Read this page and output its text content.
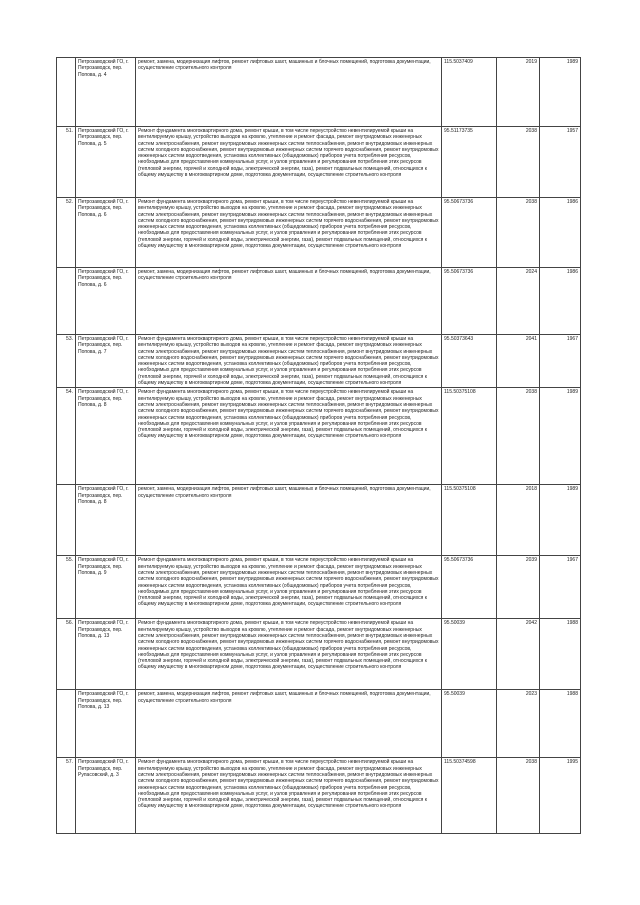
	Петрозаводский ГО, г. Петрозаводск, пер. Попова, д. 4	ремонт, замена, модернизация лифтов, ремонт лифтовых шахт, машинных и блочных помещений, подготовка документации, осуществление строительного контроля	115.5037409	2019	1989
51.	Петрозаводский ГО, г. Петрозаводск, пер. Попова, д. 5	Ремонт фундамента многоквартирного дома, ремонт крыши, в том числе переустройство невентилируемой крыши на вентилируемую крышу, устройство выходов на кровлю, утепление и ремонт фасада, ремонт внутридомовых инженерных систем электроснабжения, ремонт внутридомовых инженерных систем теплоснабжения, ремонт внутридомовых инженерных систем холодного водоснабжения, ремонт внутридомовых инженерных систем горячего водоснабжения, ремонт внутридомовых инженерных систем водоотведения, установка коллективных (общедомовых) приборов учета потребления ресурсов, необходимых для предоставления коммунальных услуг, и узлов управления и регулирования потребления этих ресурсов (тепловой энергии, горячей и холодной воды, электрической энергии, газа), ремонт подвальных помещений, относящихся к общему имуществу в многоквартирном доме, подготовка документации, осуществление строительного контроля	95.51173735	2038	1957
52.	Петрозаводский ГО, г. Петрозаводск, пер. Попова, д. 6	Ремонт фундамента многоквартирного дома, ремонт крыши, в том числе переустройство невентилируемой крыши на вентилируемую крышу, устройство выходов на кровлю, утепление и ремонт фасада, ремонт внутридомовых инженерных систем электроснабжения, ремонт внутридомовых инженерных систем теплоснабжения, ремонт внутридомовых инженерных систем холодного водоснабжения, ремонт внутридомовых инженерных систем горячего водоснабжения, ремонт внутридомовых инженерных систем водоотведения, установка коллективных (общедомовых) приборов учета потребления ресурсов, необходимых для предоставления коммунальных услуг, и узлов управления и регулирования потребления этих ресурсов (тепловой энергии, горячей и холодной воды, электрической энергии, газа), ремонт подвальных помещений, относящихся к общему имуществу в многоквартирном доме, подготовка документации, осуществление строительного контроля	95.50673736	2038	1986
	Петрозаводский ГО, г. Петрозаводск, пер. Попова, д. 6	ремонт, замена, модернизация лифтов, ремонт лифтовых шахт, машинных и блочных помещений, подготовка документации, осуществление строительного контроля	95.50673736	2024	1986
53.	Петрозаводский ГО, г. Петрозаводск, пер. Попова, д. 7	Ремонт фундамента многоквартирного дома, ремонт крыши, в том числе переустройство невентилируемой крыши на вентилируемую крышу, устройство выходов на кровлю, утепление и ремонт фасада, ремонт внутридомовых инженерных систем электроснабжения, ремонт внутридомовых инженерных систем теплоснабжения, ремонт внутридомовых инженерных систем холодного водоснабжения, ремонт внутридомовых инженерных систем горячего водоснабжения, ремонт внутридомовых инженерных систем водоотведения, установка коллективных (общедомовых) приборов учета потребления ресурсов, необходимых для предоставления коммунальных услуг, и узлов управления и регулирования потребления этих ресурсов (тепловой энергии, горячей и холодной воды, электрической энергии, газа), ремонт подвальных помещений, относящихся к общему имуществу в многоквартирном доме, подготовка документации, осуществление строительного контроля	95.50373643	2041	1967
54.	Петрозаводский ГО, г. Петрозаводск, пер. Попова, д. 8	Ремонт фундамента многоквартирного дома, ремонт крыши, в том числе переустройство невентилируемой крыши на вентилируемую крышу, устройство выходов на кровлю, утепление и ремонт фасада, ремонт внутридомовых инженерных систем электроснабжения, ремонт внутридомовых инженерных систем теплоснабжения, ремонт внутридомовых инженерных систем холодного водоснабжения, ремонт внутридомовых инженерных систем горячего водоснабжения, ремонт внутридомовых инженерных систем водоотведения, установка коллективных (общедомовых) приборов учета потребления ресурсов, необходимых для предоставления коммунальных услуг, и узлов управления и регулирования потребления этих ресурсов (тепловой энергии, горячей и холодной воды, электрической энергии, газа), ремонт подвальных помещений, относящихся к общему имуществу в многоквартирном доме, подготовка документации, осуществление строительного контроля	115.50375108	2038	1989
	Петрозаводский ГО, г. Петрозаводск, пер. Попова, д. 8	ремонт, замена, модернизация лифтов, ремонт лифтовых шахт, машинных и блочных помещений, подготовка документации, осуществление строительного контроля	115.50375108	2018	1989
55.	Петрозаводский ГО, г. Петрозаводск, пер. Попова, д. 9	Ремонт фундамента многоквартирного дома, ремонт крыши, в том числе переустройство невентилируемой крыши на вентилируемую крышу, устройство выходов на кровлю, утепление и ремонт фасада, ремонт внутридомовых инженерных систем электроснабжения, ремонт внутридомовых инженерных систем теплоснабжения, ремонт внутридомовых инженерных систем холодного водоснабжения, ремонт внутридомовых инженерных систем горячего водоснабжения, ремонт внутридомовых инженерных систем водоотведения, установка коллективных (общедомовых) приборов учета потребления ресурсов, необходимых для предоставления коммунальных услуг, и узлов управления и регулирования потребления этих ресурсов (тепловой энергии, горячей и холодной воды, электрической энергии, газа), ремонт подвальных помещений, относящихся к общему имуществу в многоквартирном доме, подготовка документации, осуществление строительного контроля	95.50673736	2039	1967
56.	Петрозаводский ГО, г. Петрозаводск, пер. Попова, д. 13	Ремонт фундамента многоквартирного дома, ремонт крыши, в том числе переустройство невентилируемой крыши на вентилируемую крышу, устройство выходов на кровлю, утепление и ремонт фасада, ремонт внутридомовых инженерных систем электроснабжения, ремонт внутридомовых инженерных систем теплоснабжения, ремонт внутридомовых инженерных систем холодного водоснабжения, ремонт внутридомовых инженерных систем горячего водоснабжения, ремонт внутридомовых инженерных систем водоотведения, установка коллективных (общедомовых) приборов учета потребления ресурсов, необходимых для предоставления коммунальных услуг, и узлов управления и регулирования потребления этих ресурсов (тепловой энергии, горячей и холодной воды, электрической энергии, газа), ремонт подвальных помещений, относящихся к общему имуществу в многоквартирном доме, подготовка документации, осуществление строительного контроля	95.50039	2042	1988
	Петрозаводский ГО, г. Петрозаводск, пер. Попова, д. 13	ремонт, замена, модернизация лифтов, ремонт лифтовых шахт, машинных и блочных помещений, подготовка документации, осуществление строительного контроля	95.50039	2023	1988
57.	Петрозаводский ГО, г. Петрозаводск, пер. Рупасовский, д. 3	Ремонт фундамента многоквартирного дома, ремонт крыши, в том числе переустройство невентилируемой крыши на вентилируемую крышу, устройство выходов на кровлю, утепление и ремонт фасада, ремонт внутридомовых инженерных систем электроснабжения, ремонт внутридомовых инженерных систем теплоснабжения, ремонт внутридомовых инженерных систем холодного водоснабжения, ремонт внутридомовых инженерных систем горячего водоснабжения, ремонт внутридомовых инженерных систем водоотведения, установка коллективных (общедомовых) приборов учета потребления ресурсов, необходимых для предоставления коммунальных услуг, и узлов управления и регулирования потребления этих ресурсов (тепловой энергии, горячей и холодной воды, электрической энергии, газа), ремонт подвальных помещений, относящихся к общему имуществу в многоквартирном доме, подготовка документации, осуществление строительного контроля	115.50374598	2038	1995
